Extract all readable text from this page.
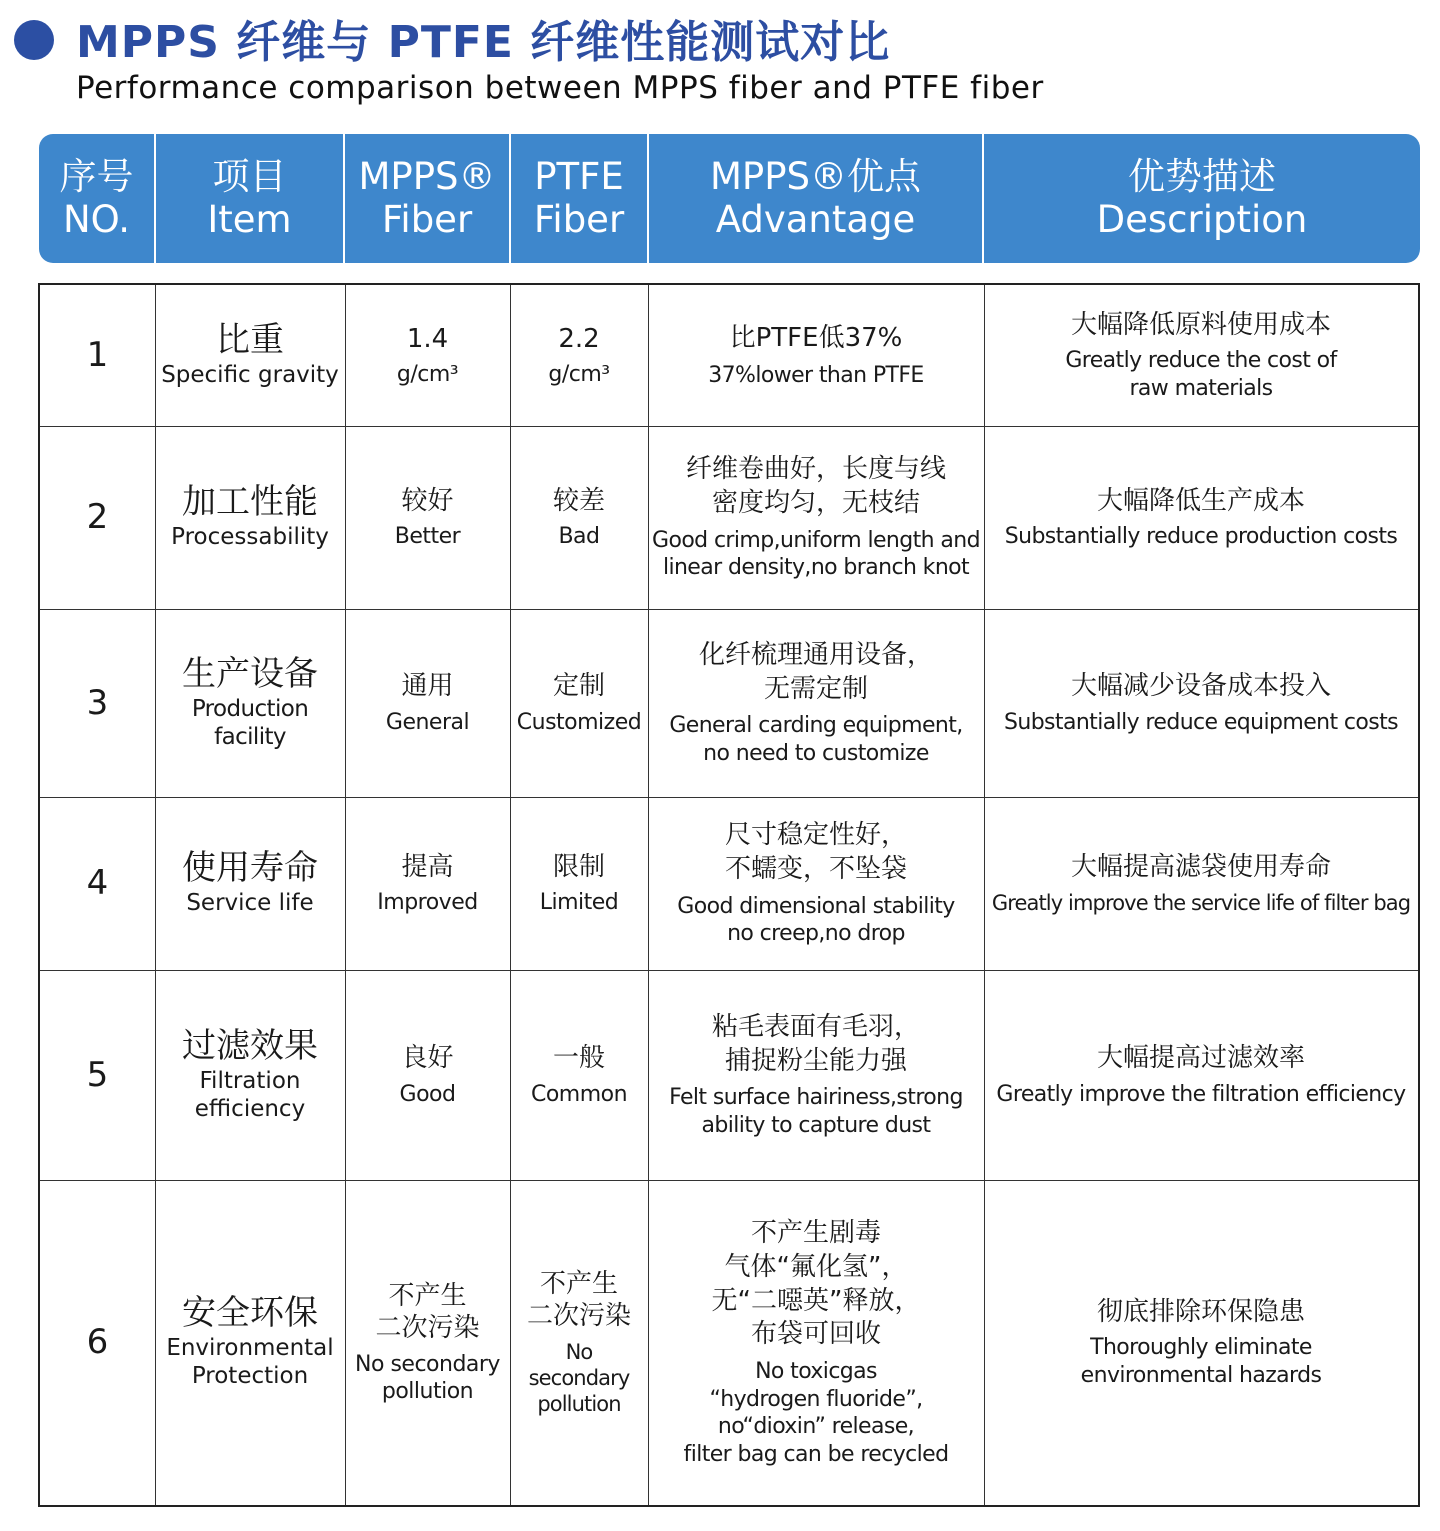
MPPS 纤维与 PTFE 纤维性能测试对比
Performance comparison between MPPS fiber and PTFE fiber
序号
NO.
项目
Item
MPPS®
Fiber
PTFE
Fiber
MPPS®优点
Advantage
优势描述
Description
1	比重
Specific gravity
1.4
g/cm³
2.2
g/cm³
比PTFE低37%
37%lower than PTFE
大幅降低原料使用成本
Greatly reduce the cost of
raw materials
2 加工性能
Processability
较好
Better
较差
Bad
纤维卷曲好，长度与线
密度均匀，无枝结
Good crimp,uniform length and
linear density,no branch knot
大幅降低生产成本
Substantially reduce production costs
3
生产设备
Production facility
通用
General
定制
Customized
化纤梳理通用设备，
无需定制
General carding equipment,
no need to customize
大幅减少设备成本投入
Substantially reduce equipment costs
4 使用寿命
Service life
提高
Improved
限制
Limited
尺寸稳定性好，
不蠕变，不坠袋
Good dimensional stability
no creep,no drop
大幅提高滤袋使用寿命
Greatly improve the service life of filter bag
5
过滤效果
Filtration
efficiency
良好
Good
一般
Common
粘毛表面有毛羽，
捕捉粉尘能力强
Felt surface hairiness,strong
ability to capture dust
大幅提高过滤效率
Greatly improve the filtration efficiency
6
安全环保
Environmental
Protection
不产生
二次污染
No secondary
pollution
不产生
二次污染
No secondary
pollution
不产生剧毒
气体“氟化氢”，
无“二噁英”释放，
布袋可回收
No toxicgas
“hydrogen fluoride”,
no“dioxin” release,
filter bag can be recycled
彻底排除环保隐患
Thoroughly eliminate
environmental hazards
